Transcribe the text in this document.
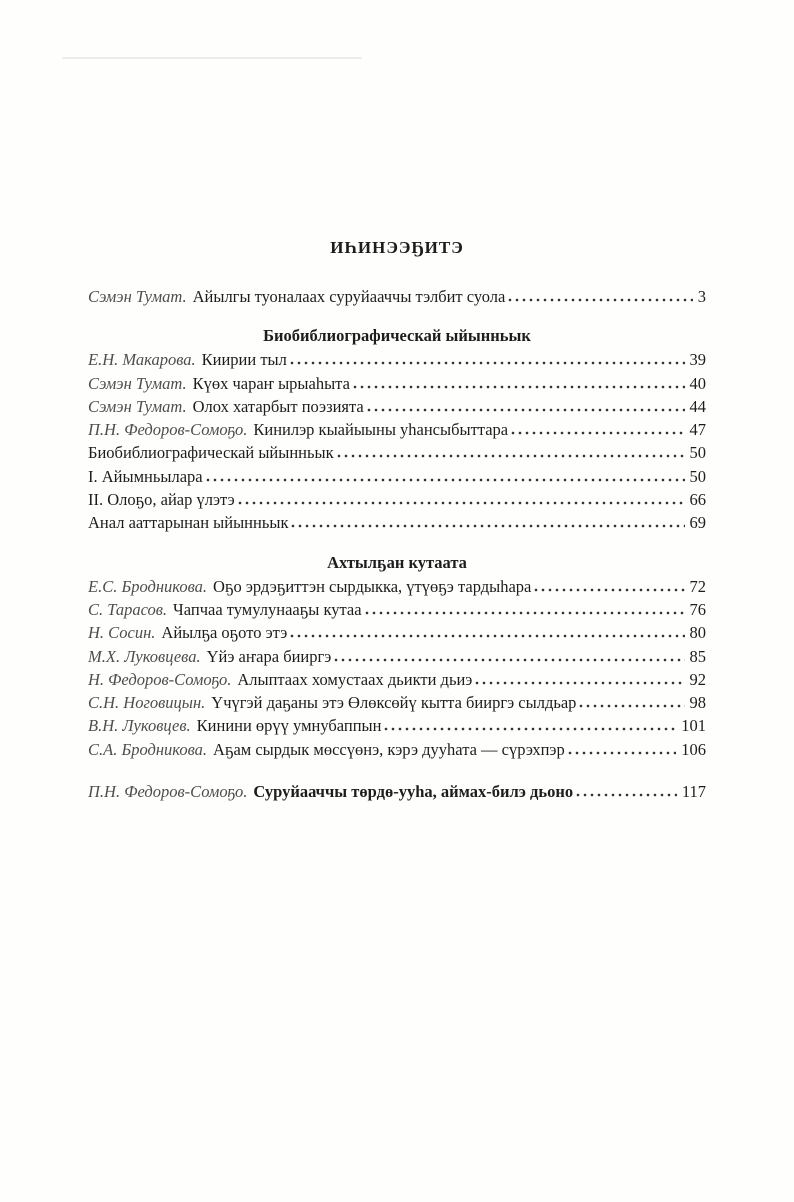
ИҺИНЭЭҔИТЭ
Сэмэн Тумат. Айылгы туоналаах суруйааччы тэлбит суола	3
Биобиблиографическай ыйынньык
Е.Н. Макарова. Киирии тыл	39
Сэмэн Тумат. Күөх чараҥ ырыаһыта	40
Сэмэн Тумат. Олох хатарбыт поэзията	44
П.Н. Федоров-Сомоҕо. Кинилэр кыайыыны уһансыбыттара	47
Биобиблиографическай ыйынньык	50
I. Айымньылара	50
II. Олоҕо, айар үлэтэ	66
Анал ааттарынан ыйынньык	69
Ахтылҕан кутаата
Е.С. Бродникова. Оҕо эрдэҕиттэн сырдыкка, үтүөҕэ тардыһара	72
С. Тарасов. Чапчаа тумулунааҕы кутаа	76
Н. Сосин. Айылҕа оҕото этэ	80
М.Х. Луковцева. Үйэ аҥара бииргэ	85
Н. Федоров-Сомоҕо. Алыптаах хомустаах дьикти дьиэ	92
С.Н. Ноговицын. Үчүгэй даҕаны этэ Өлөксөйү кытта бииргэ сылдьар	98
В.Н. Луковцев. Кинини өрүү умнубаппын	101
С.А. Бродникова. Аҕам сырдык мөссүөнэ, кэрэ дууһата — сүрэхпэр	106
П.Н. Федоров-Сомоҕо. Суруйааччы төрдө-ууһа, аймах-билэ дьоно	117
